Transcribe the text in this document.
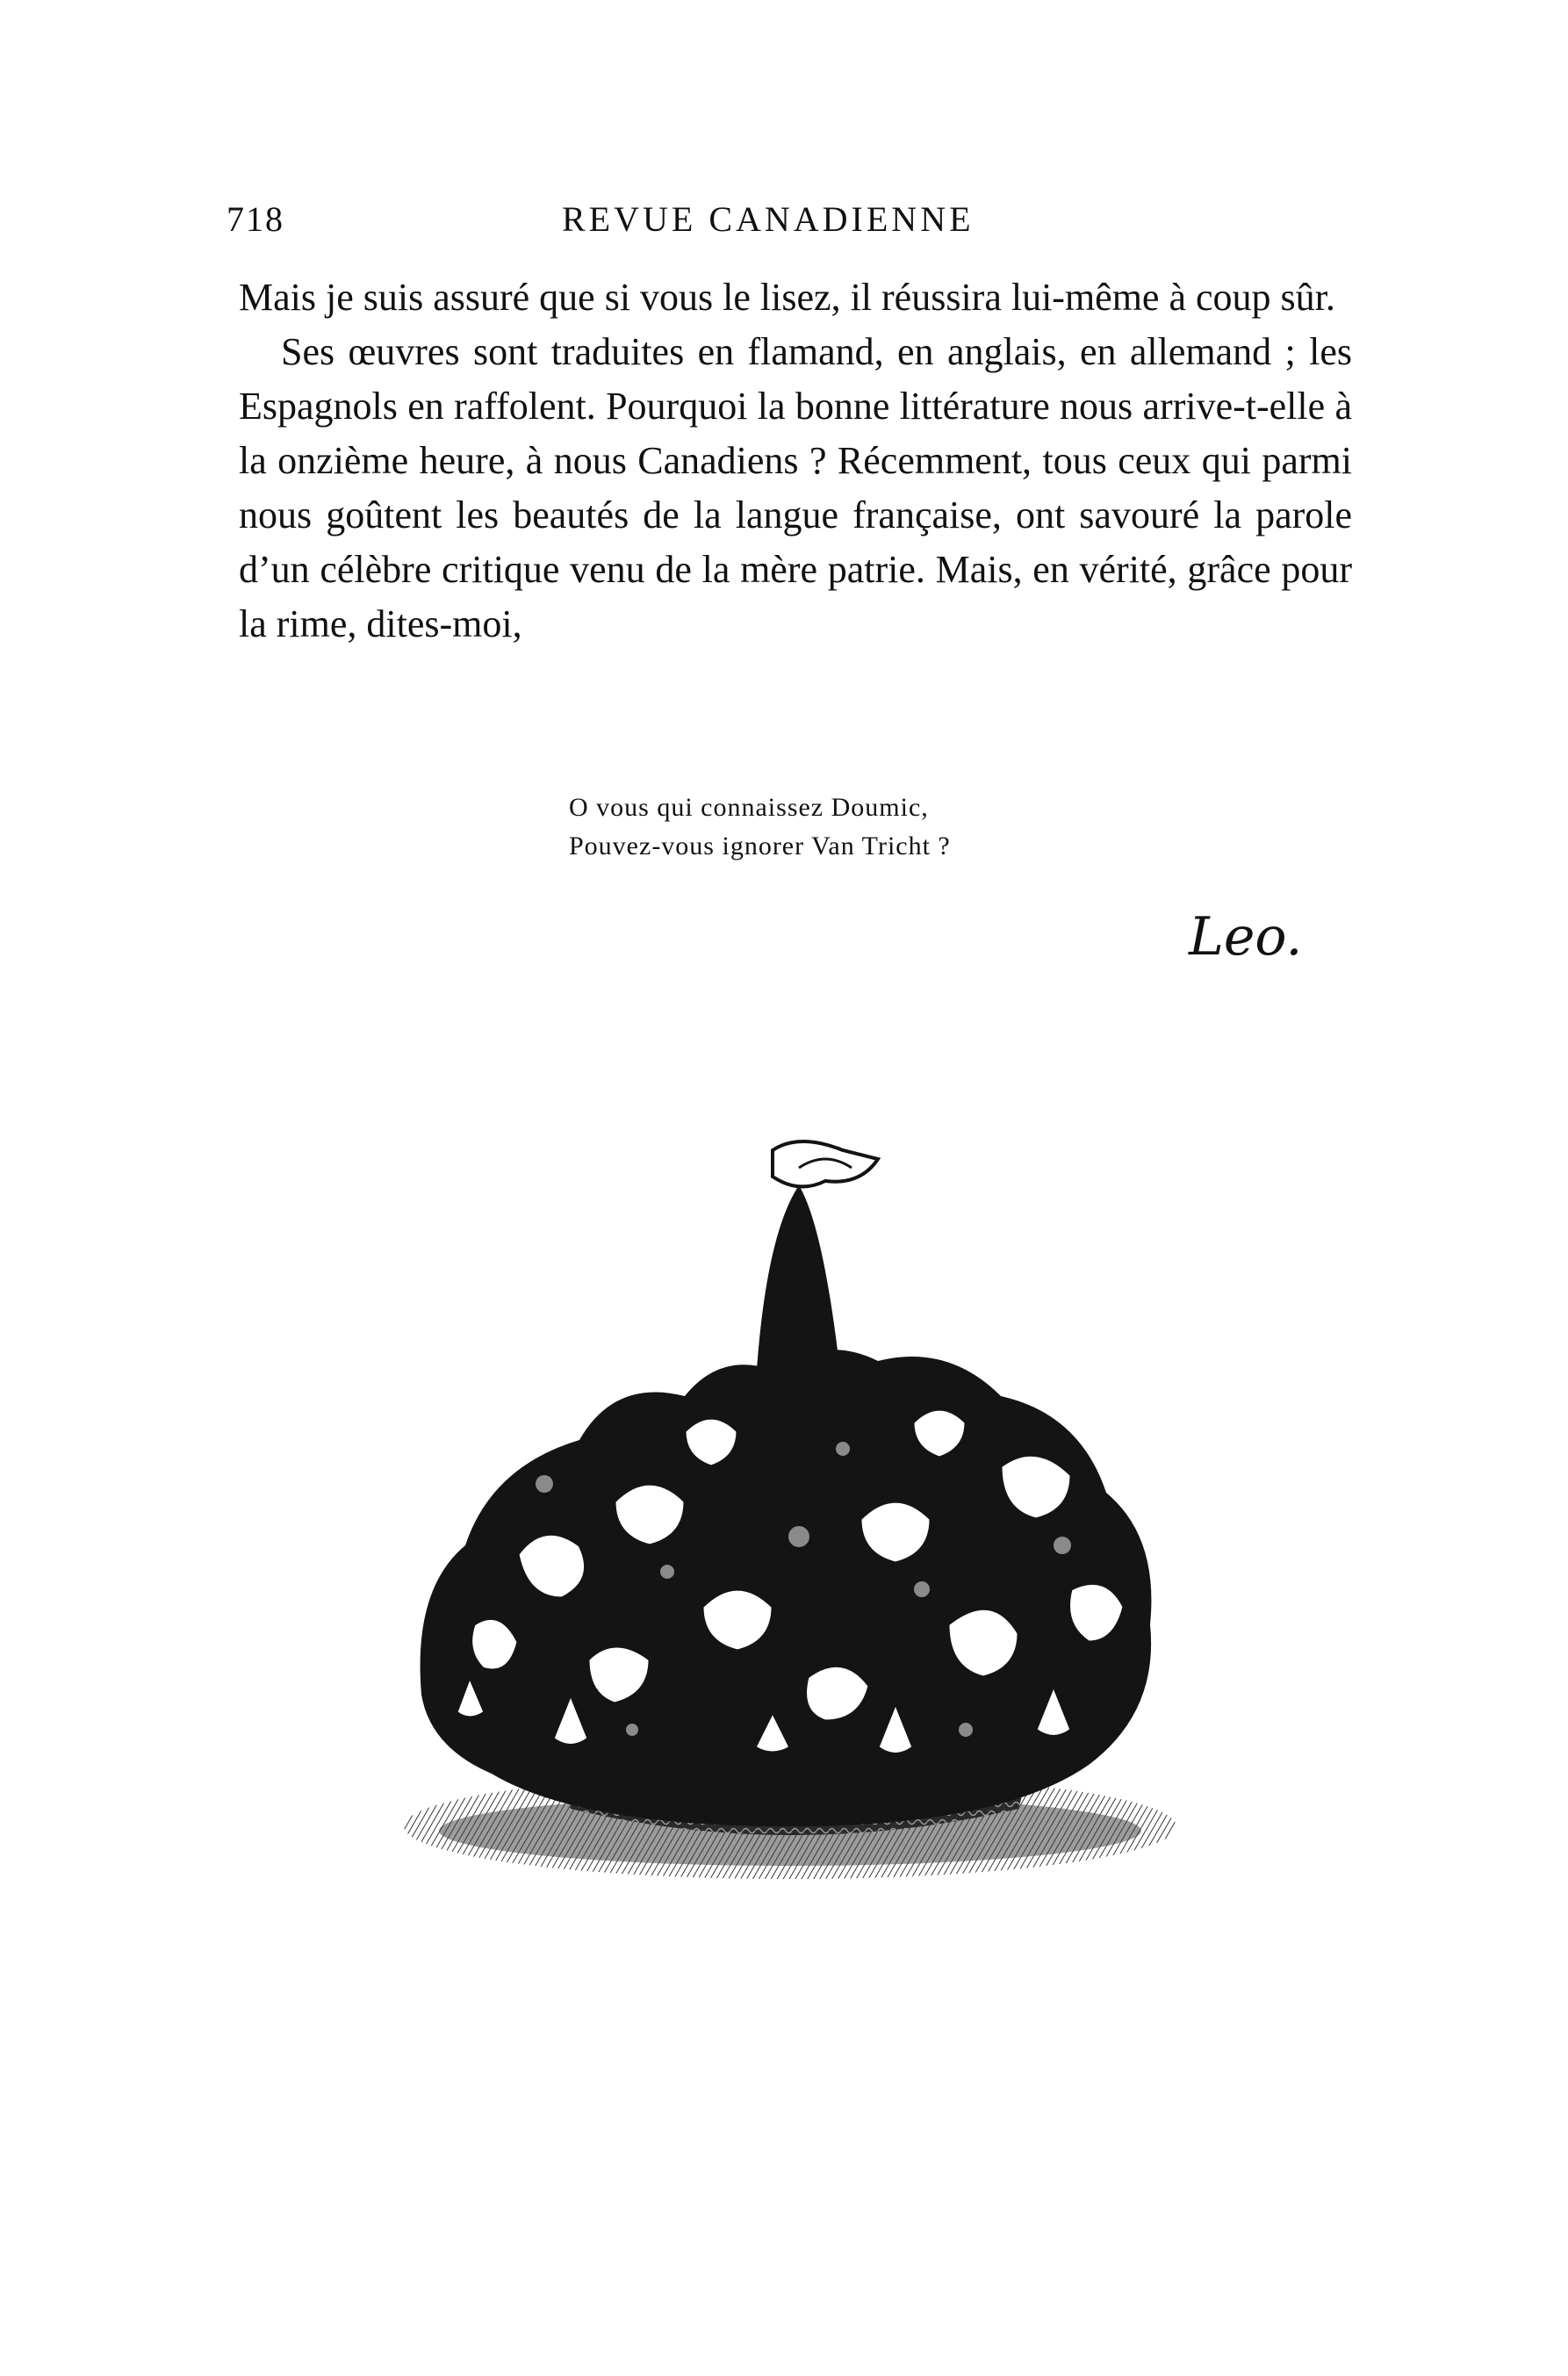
718	REVUE CANADIENNE

Mais je suis assuré que si vous le lisez, il réussira lui-même à coup sûr.

Ses œuvres sont traduites en flamand, en anglais, en allemand ; les Espagnols en raffolent. Pourquoi la bonne littérature nous arrive-t-elle à la onzième heure, à nous Canadiens ? Récemment, tous ceux qui parmi nous goûtent les beautés de la langue française, ont savouré la parole d’un célèbre critique venu de la mère patrie. Mais, en vérité, grâce pour la rime, dites-moi,

O vous qui connaissez Doumic,
Pouvez-vous ignorer Van Tricht ?
Leo.
